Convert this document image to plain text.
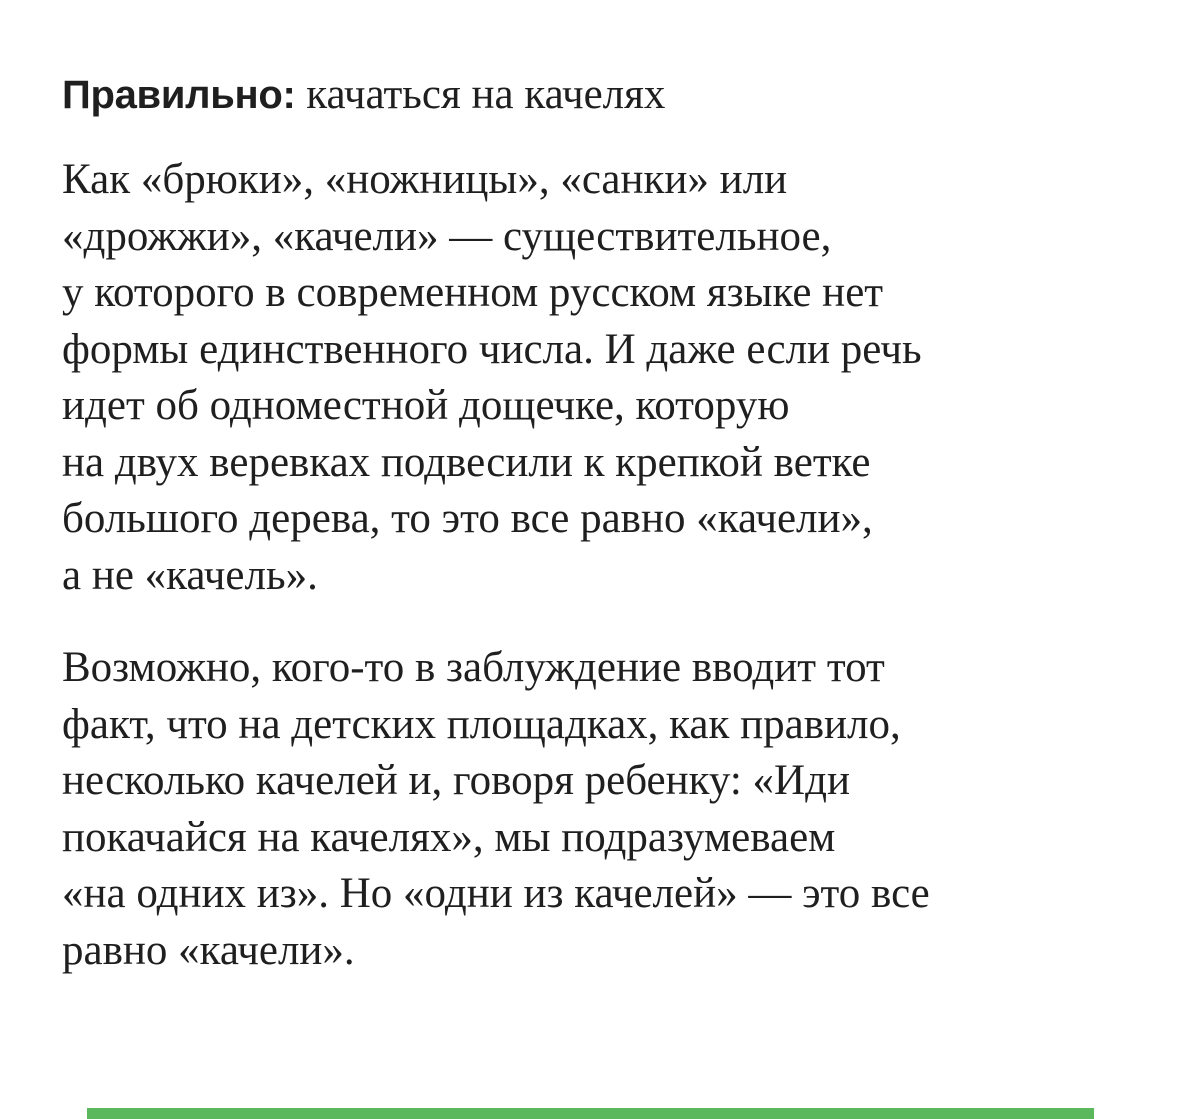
Правильно: качаться на качелях

Как «брюки», «ножницы», «санки» или
«дрожжи», «качели» — существительное,
у которого в современном русском языке нет
формы единственного числа. И даже если речь
идет об одноместной дощечке, которую
на двух веревках подвесили к крепкой ветке
большого дерева, то это все равно «качели»,
а не «качель».

Возможно, кого-то в заблуждение вводит тот
факт, что на детских площадках, как правило,
несколько качелей и, говоря ребенку: «Иди
покачайся на качелях», мы подразумеваем
«на одних из». Но «одни из качелей» — это все
равно «качели».
